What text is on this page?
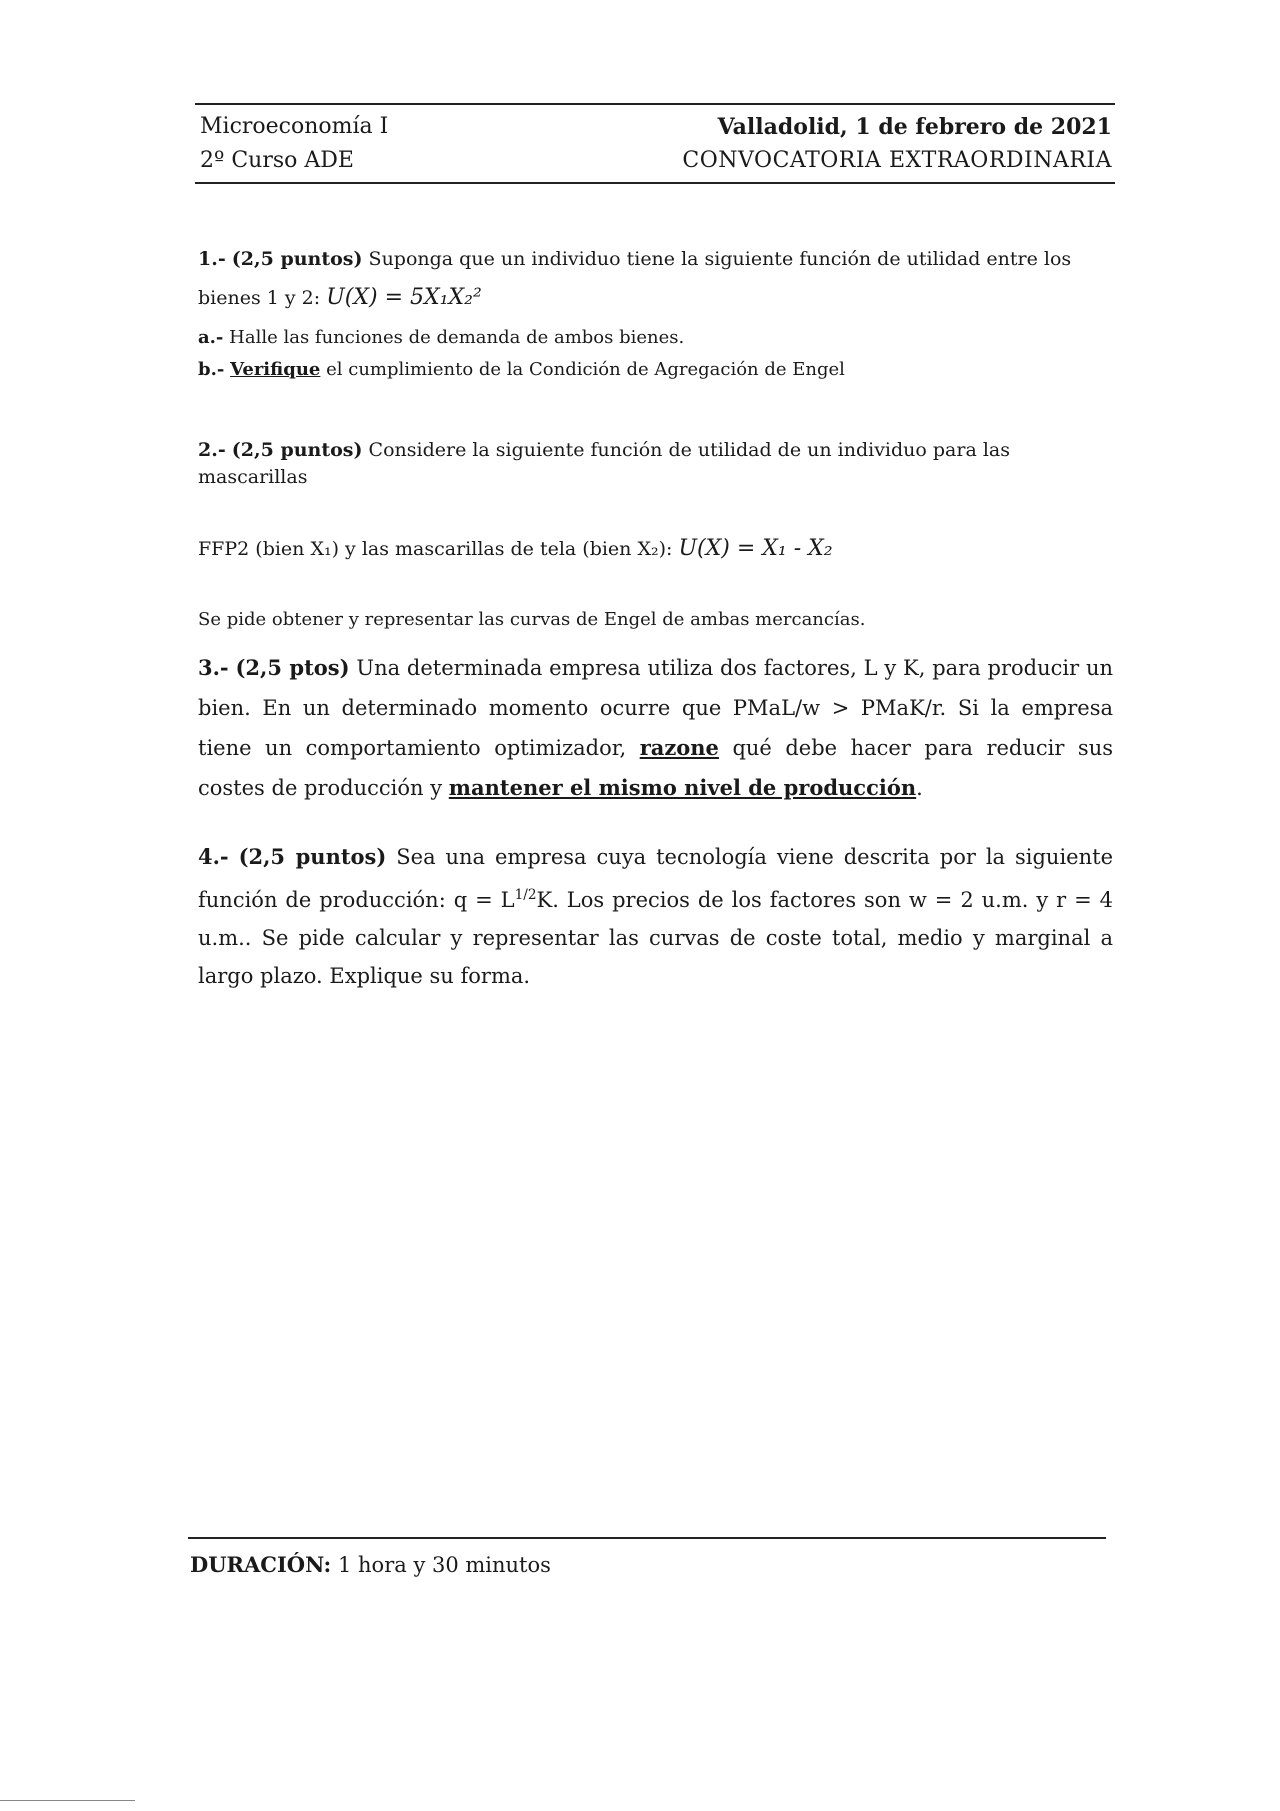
Microeconomía I
2º Curso ADE
Valladolid, 1 de febrero de 2021
CONVOCATORIA EXTRAORDINARIA
1.- (2,5 puntos) Suponga que un individuo tiene la siguiente función de utilidad entre los
bienes 1 y 2: U(X) = 5X₁X₂²
a.- Halle las funciones de demanda de ambos bienes.
b.- Verifique el cumplimiento de la Condición de Agregación de Engel
2.- (2,5 puntos) Considere la siguiente función de utilidad de un individuo para las mascarillas
FFP2 (bien X₁) y las mascarillas de tela (bien X₂): U(X) = X₁ - X₂
Se pide obtener y representar las curvas de Engel de ambas mercancías.
3.- (2,5 ptos) Una determinada empresa utiliza dos factores, L y K, para producir un bien. En un determinado momento ocurre que PMaL/w > PMaK/r. Si la empresa tiene un comportamiento optimizador, razone qué debe hacer para reducir sus costes de producción y mantener el mismo nivel de producción.
4.- (2,5 puntos) Sea una empresa cuya tecnología viene descrita por la siguiente función de producción: $q = L^{1/2}K$. Los precios de los factores son w = 2 u.m. y r = 4 u.m.. Se pide calcular y representar las curvas de coste total, medio y marginal a largo plazo. Explique su forma.
DURACIÓN: 1 hora y 30 minutos
